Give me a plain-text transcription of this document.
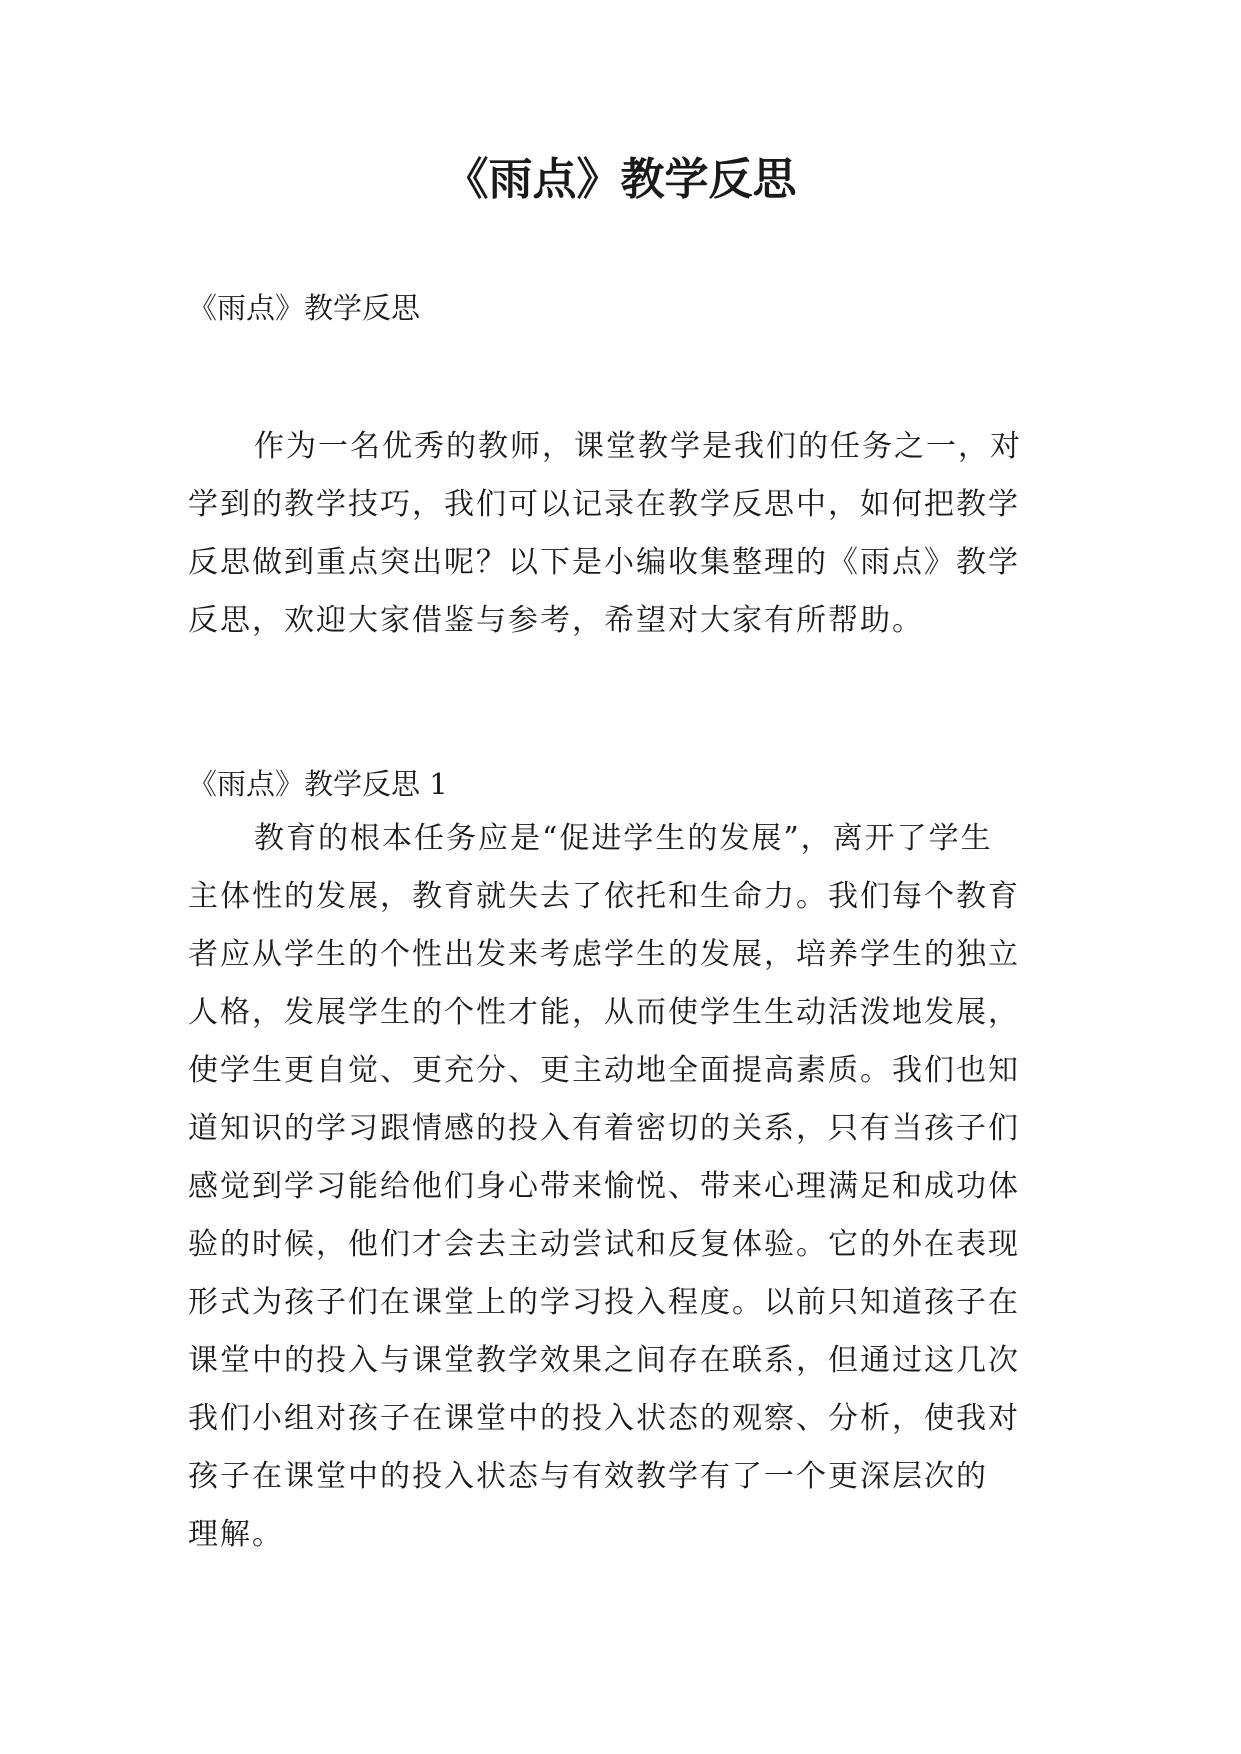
《雨点》教学反思

《雨点》教学反思

作为一名优秀的教师，课堂教学是我们的任务之一，对
学到的教学技巧，我们可以记录在教学反思中，如何把教学
反思做到重点突出呢？以下是小编收集整理的《雨点》教学
反思，欢迎大家借鉴与参考，希望对大家有所帮助。

《雨点》教学反思 1

教育的根本任务应是“促进学生的发展”，离开了学生
主体性的发展，教育就失去了依托和生命力。我们每个教育
者应从学生的个性出发来考虑学生的发展，培养学生的独立
人格，发展学生的个性才能，从而使学生生动活泼地发展，
使学生更自觉、更充分、更主动地全面提高素质。我们也知
道知识的学习跟情感的投入有着密切的关系，只有当孩子们
感觉到学习能给他们身心带来愉悦、带来心理满足和成功体
验的时候，他们才会去主动尝试和反复体验。它的外在表现
形式为孩子们在课堂上的学习投入程度。以前只知道孩子在
课堂中的投入与课堂教学效果之间存在联系，但通过这几次
我们小组对孩子在课堂中的投入状态的观察、分析，使我对
孩子在课堂中的投入状态与有效教学有了一个更深层次的
理解。
